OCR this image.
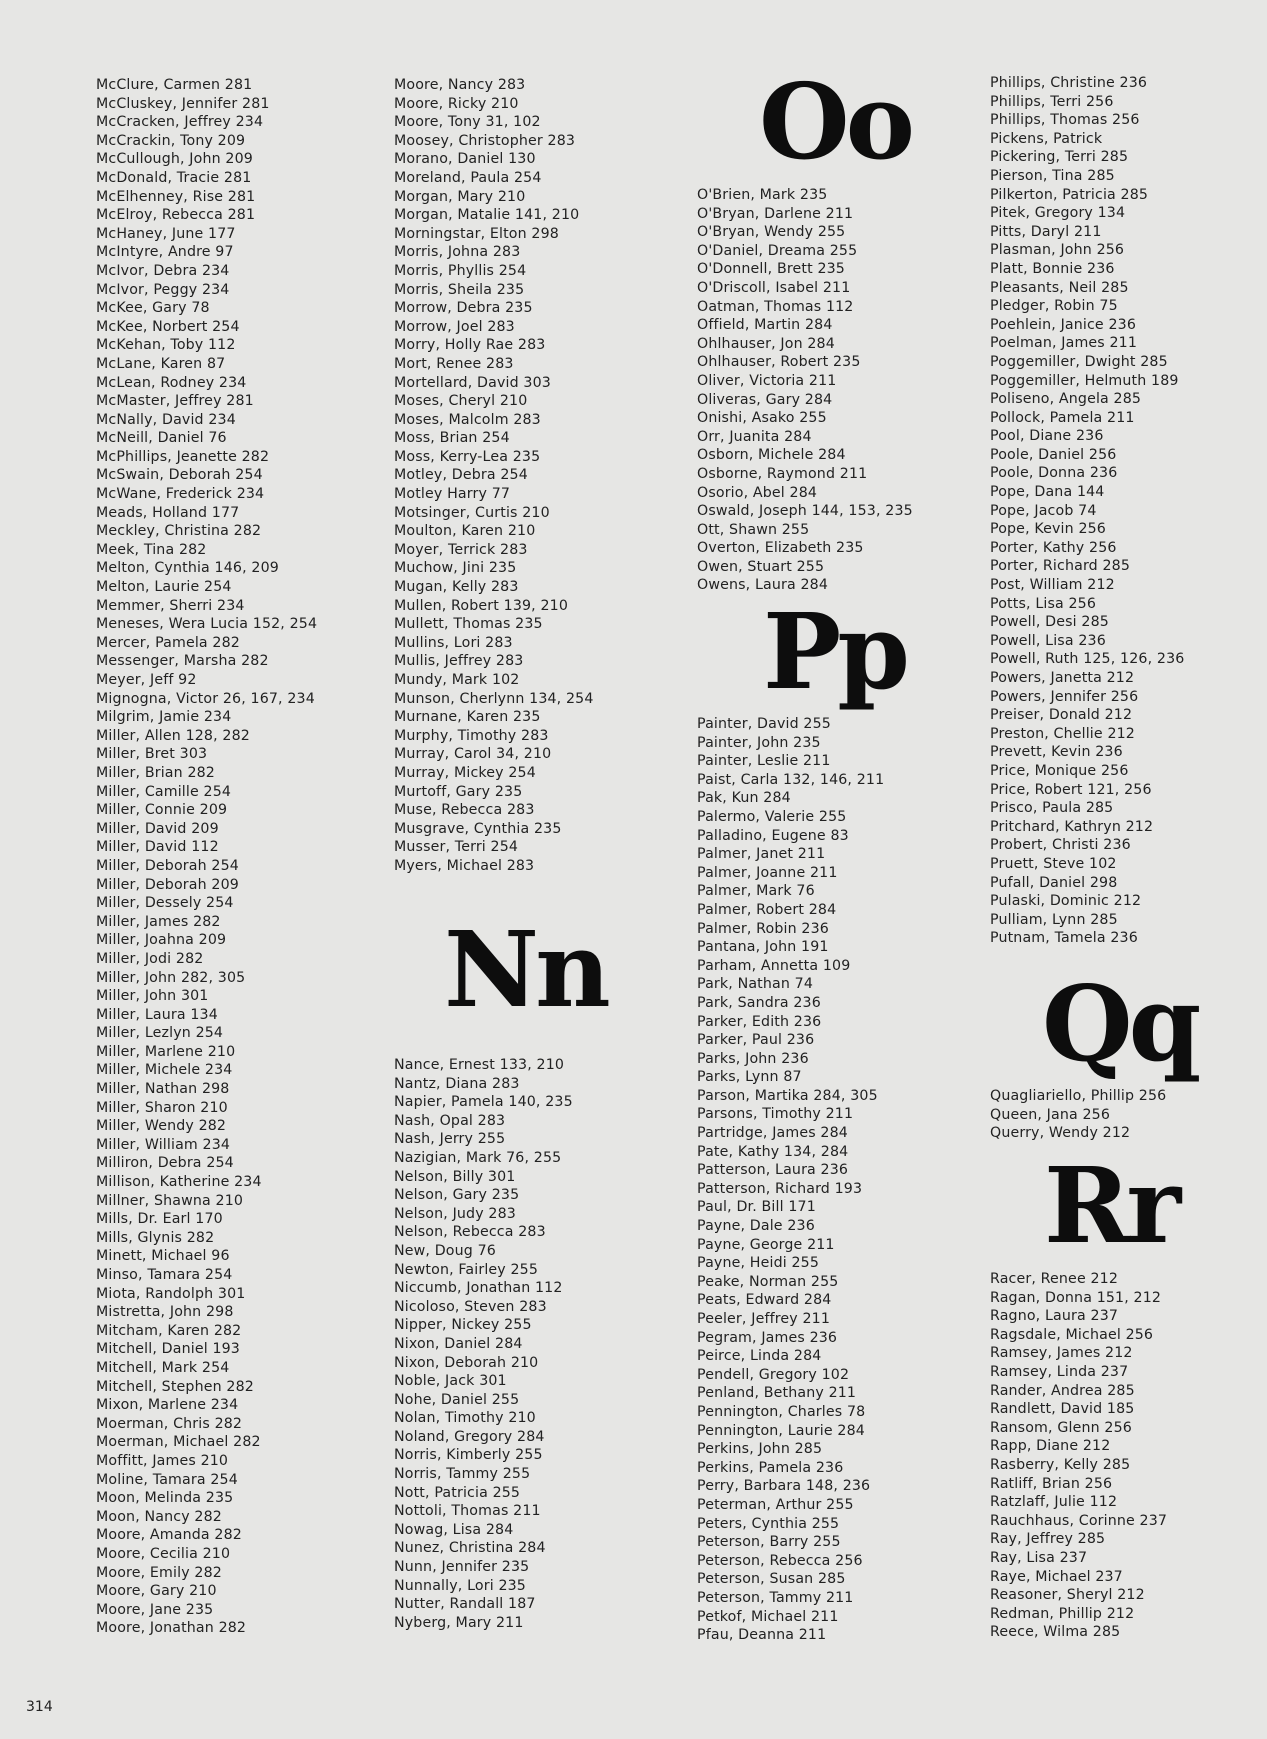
McClure, Carmen 281
McCluskey, Jennifer 281
McCracken, Jeffrey 234
McCrackin, Tony 209
McCullough, John 209
McDonald, Tracie 281
McElhenney, Rise 281
McElroy, Rebecca 281
McHaney, June 177
McIntyre, Andre 97
McIvor, Debra 234
McIvor, Peggy 234
McKee, Gary 78
McKee, Norbert 254
McKehan, Toby 112
McLane, Karen 87
McLean, Rodney 234
McMaster, Jeffrey 281
McNally, David 234
McNeill, Daniel 76
McPhillips, Jeanette 282
McSwain, Deborah 254
McWane, Frederick 234
Meads, Holland 177
Meckley, Christina 282
Meek, Tina 282
Melton, Cynthia 146, 209
Melton, Laurie 254
Memmer, Sherri 234
Meneses, Wera Lucia 152, 254
Mercer, Pamela 282
Messenger, Marsha 282
Meyer, Jeff 92
Mignogna, Victor 26, 167, 234
Milgrim, Jamie 234
Miller, Allen 128, 282
Miller, Bret 303
Miller, Brian 282
Miller, Camille 254
Miller, Connie 209
Miller, David 209
Miller, David 112
Miller, Deborah 254
Miller, Deborah 209
Miller, Dessely 254
Miller, James 282
Miller, Joahna 209
Miller, Jodi 282
Miller, John 282, 305
Miller, John 301
Miller, Laura 134
Miller, Lezlyn 254
Miller, Marlene 210
Miller, Michele 234
Miller, Nathan 298
Miller, Sharon 210
Miller, Wendy 282
Miller, William 234
Milliron, Debra 254
Millison, Katherine 234
Millner, Shawna 210
Mills, Dr. Earl 170
Mills, Glynis 282
Minett, Michael 96
Minso, Tamara 254
Miota, Randolph 301
Mistretta, John 298
Mitcham, Karen 282
Mitchell, Daniel 193
Mitchell, Mark 254
Mitchell, Stephen 282
Mixon, Marlene 234
Moerman, Chris 282
Moerman, Michael 282
Moffitt, James 210
Moline, Tamara 254
Moon, Melinda 235
Moon, Nancy 282
Moore, Amanda 282
Moore, Cecilia 210
Moore, Emily 282
Moore, Gary 210
Moore, Jane 235
Moore, Jonathan 282
Moore, Nancy 283
Moore, Ricky 210
Moore, Tony 31, 102
Moosey, Christopher 283
Morano, Daniel 130
Moreland, Paula 254
Morgan, Mary 210
Morgan, Matalie 141, 210
Morningstar, Elton 298
Morris, Johna 283
Morris, Phyllis 254
Morris, Sheila 235
Morrow, Debra 235
Morrow, Joel 283
Morry, Holly Rae 283
Mort, Renee 283
Mortellard, David 303
Moses, Cheryl 210
Moses, Malcolm 283
Moss, Brian 254
Moss, Kerry-Lea 235
Motley, Debra 254
Motley Harry 77
Motsinger, Curtis 210
Moulton, Karen 210
Moyer, Terrick 283
Muchow, Jini 235
Mugan, Kelly 283
Mullen, Robert 139, 210
Mullett, Thomas 235
Mullins, Lori 283
Mullis, Jeffrey 283
Mundy, Mark 102
Munson, Cherlynn 134, 254
Murnane, Karen 235
Murphy, Timothy 283
Murray, Carol 34, 210
Murray, Mickey 254
Murtoff, Gary 235
Muse, Rebecca 283
Musgrave, Cynthia 235
Musser, Terri 254
Myers, Michael 283
Nn
Nance, Ernest 133, 210
Nantz, Diana 283
Napier, Pamela 140, 235
Nash, Opal 283
Nash, Jerry 255
Nazigian, Mark 76, 255
Nelson, Billy 301
Nelson, Gary 235
Nelson, Judy 283
Nelson, Rebecca 283
New, Doug 76
Newton, Fairley 255
Niccumb, Jonathan 112
Nicoloso, Steven 283
Nipper, Nickey 255
Nixon, Daniel 284
Nixon, Deborah 210
Noble, Jack 301
Nohe, Daniel 255
Nolan, Timothy 210
Noland, Gregory 284
Norris, Kimberly 255
Norris, Tammy 255
Nott, Patricia 255
Nottoli, Thomas 211
Nowag, Lisa 284
Nunez, Christina 284
Nunn, Jennifer 235
Nunnally, Lori 235
Nutter, Randall 187
Nyberg, Mary 211
Oo
O'Brien, Mark 235
O'Bryan, Darlene 211
O'Bryan, Wendy 255
O'Daniel, Dreama 255
O'Donnell, Brett 235
O'Driscoll, Isabel 211
Oatman, Thomas 112
Offield, Martin 284
Ohlhauser, Jon 284
Ohlhauser, Robert 235
Oliver, Victoria 211
Oliveras, Gary 284
Onishi, Asako 255
Orr, Juanita 284
Osborn, Michele 284
Osborne, Raymond 211
Osorio, Abel 284
Oswald, Joseph 144, 153, 235
Ott, Shawn 255
Overton, Elizabeth 235
Owen, Stuart 255
Owens, Laura 284
Pp
Painter, David 255
Painter, John 235
Painter, Leslie 211
Paist, Carla 132, 146, 211
Pak, Kun 284
Palermo, Valerie 255
Palladino, Eugene 83
Palmer, Janet 211
Palmer, Joanne 211
Palmer, Mark 76
Palmer, Robert 284
Palmer, Robin 236
Pantana, John 191
Parham, Annetta 109
Park, Nathan 74
Park, Sandra 236
Parker, Edith 236
Parker, Paul 236
Parks, John 236
Parks, Lynn 87
Parson, Martika 284, 305
Parsons, Timothy 211
Partridge, James 284
Pate, Kathy 134, 284
Patterson, Laura 236
Patterson, Richard 193
Paul, Dr. Bill 171
Payne, Dale 236
Payne, George 211
Payne, Heidi 255
Peake, Norman 255
Peats, Edward 284
Peeler, Jeffrey 211
Pegram, James 236
Peirce, Linda 284
Pendell, Gregory 102
Penland, Bethany 211
Pennington, Charles 78
Pennington, Laurie 284
Perkins, John 285
Perkins, Pamela 236
Perry, Barbara 148, 236
Peterman, Arthur 255
Peters, Cynthia 255
Peterson, Barry 255
Peterson, Rebecca 256
Peterson, Susan 285
Peterson, Tammy 211
Petkof, Michael 211
Pfau, Deanna 211
Phillips, Christine 236
Phillips, Terri 256
Phillips, Thomas 256
Pickens, Patrick
Pickering, Terri 285
Pierson, Tina 285
Pilkerton, Patricia 285
Pitek, Gregory 134
Pitts, Daryl 211
Plasman, John 256
Platt, Bonnie 236
Pleasants, Neil 285
Pledger, Robin 75
Poehlein, Janice 236
Poelman, James 211
Poggemiller, Dwight 285
Poggemiller, Helmuth 189
Poliseno, Angela 285
Pollock, Pamela 211
Pool, Diane 236
Poole, Daniel 256
Poole, Donna 236
Pope, Dana 144
Pope, Jacob 74
Pope, Kevin 256
Porter, Kathy 256
Porter, Richard 285
Post, William 212
Potts, Lisa 256
Powell, Desi 285
Powell, Lisa 236
Powell, Ruth 125, 126, 236
Powers, Janetta 212
Powers, Jennifer 256
Preiser, Donald 212
Preston, Chellie 212
Prevett, Kevin 236
Price, Monique 256
Price, Robert 121, 256
Prisco, Paula 285
Pritchard, Kathryn 212
Probert, Christi 236
Pruett, Steve 102
Pufall, Daniel 298
Pulaski, Dominic 212
Pulliam, Lynn 285
Putnam, Tamela 236
Qq
Quagliariello, Phillip 256
Queen, Jana 256
Querry, Wendy 212
Rr
Racer, Renee 212
Ragan, Donna 151, 212
Ragno, Laura 237
Ragsdale, Michael 256
Ramsey, James 212
Ramsey, Linda 237
Rander, Andrea 285
Randlett, David 185
Ransom, Glenn 256
Rapp, Diane 212
Rasberry, Kelly 285
Ratliff, Brian 256
Ratzlaff, Julie 112
Rauchhaus, Corinne 237
Ray, Jeffrey 285
Ray, Lisa 237
Raye, Michael 237
Reasoner, Sheryl 212
Redman, Phillip 212
Reece, Wilma 285
314
